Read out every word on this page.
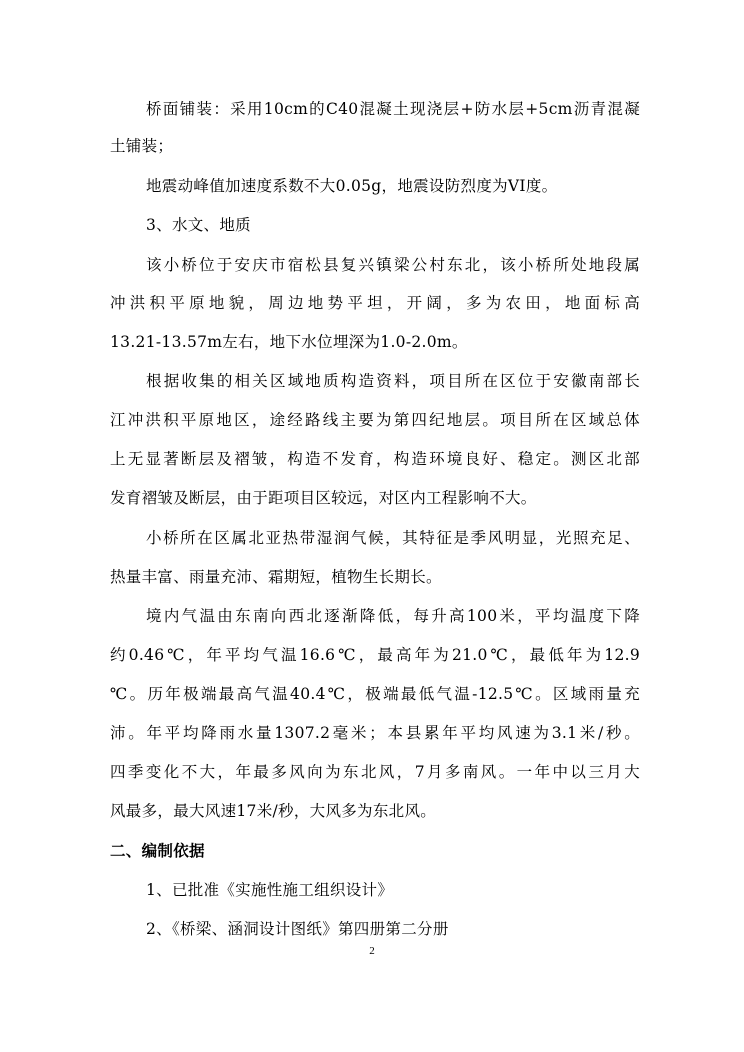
桥面铺装：采用10cm的C40混凝土现浇层+防水层+5cm沥青混凝
土铺装；
地震动峰值加速度系数不大0.05g，地震设防烈度为VI度。
3、水文、地质
该小桥位于安庆市宿松县复兴镇梁公村东北，该小桥所处地段属
冲洪积平原地貌，周边地势平坦，开阔，多为农田，地面标高
13.21-13.57m左右，地下水位埋深为1.0-2.0m。
根据收集的相关区域地质构造资料，项目所在区位于安徽南部长
江冲洪积平原地区，途经路线主要为第四纪地层。项目所在区域总体
上无显著断层及褶皱，构造不发育，构造环境良好、稳定。测区北部
发育褶皱及断层，由于距项目区较远，对区内工程影响不大。
小桥所在区属北亚热带湿润气候，其特征是季风明显，光照充足、
热量丰富、雨量充沛、霜期短，植物生长期长。
境内气温由东南向西北逐渐降低，每升高100米，平均温度下降
约0.46℃，年平均气温16.6℃，最高年为21.0℃，最低年为12.9
℃。历年极端最高气温40.4℃，极端最低气温-12.5℃。区域雨量充
沛。年平均降雨水量1307.2毫米；本县累年平均风速为3.1米/秒。
四季变化不大，年最多风向为东北风，7月多南风。一年中以三月大
风最多，最大风速17米/秒，大风多为东北风。
二、编制依据
1、已批准《实施性施工组织设计》
2、《桥梁、涵洞设计图纸》第四册第二分册
2
